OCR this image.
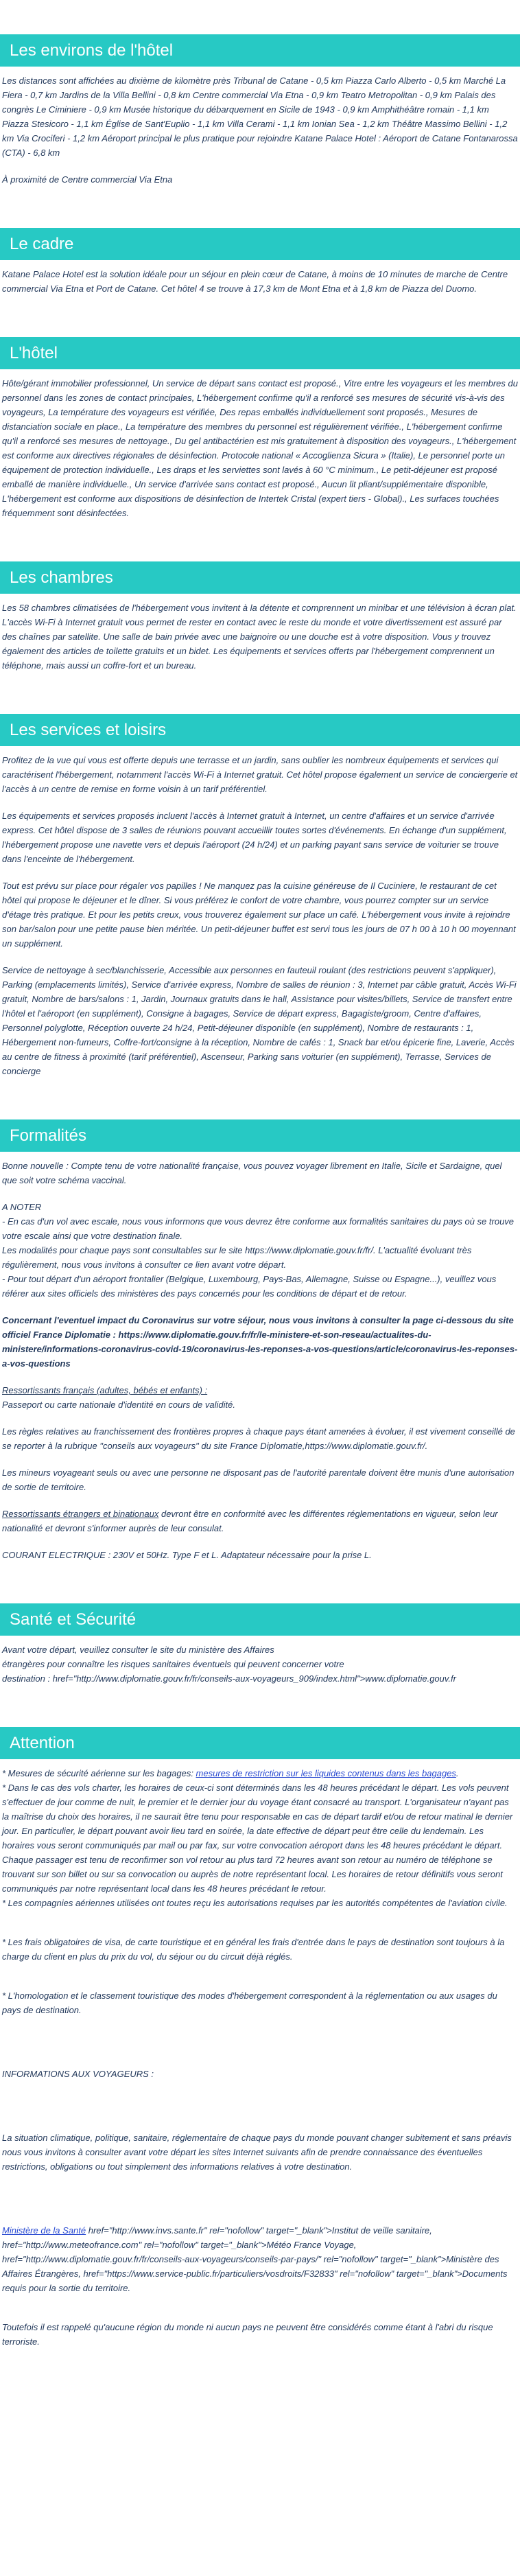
Les environs de l'hôtel
Les distances sont affichées au dixième de kilomètre près Tribunal de Catane - 0,5 km Piazza Carlo Alberto - 0,5 km Marché La Fiera - 0,7 km Jardins de la Villa Bellini - 0,8 km Centre commercial Via Etna - 0,9 km Teatro Metropolitan - 0,9 km Palais des congrès Le Ciminiere - 0,9 km Musée historique du débarquement en Sicile de 1943 - 0,9 km Amphithéâtre romain - 1,1 km Piazza Stesicoro - 1,1 km Église de Sant'Euplio - 1,1 km Villa Cerami - 1,1 km Ionian Sea - 1,2 km Théâtre Massimo Bellini - 1,2 km Via Crociferi - 1,2 km Aéroport principal le plus pratique pour rejoindre Katane Palace Hotel : Aéroport de Catane Fontanarossa (CTA) - 6,8 km
À proximité de Centre commercial Via Etna
Le cadre
Katane Palace Hotel est la solution idéale pour un séjour en plein cœur de Catane, à moins de 10 minutes de marche de Centre commercial Via Etna et Port de Catane. Cet hôtel 4 se trouve à 17,3 km de Mont Etna et à 1,8 km de Piazza del Duomo.
L'hôtel
Hôte/gérant immobilier professionnel, Un service de départ sans contact est proposé., Vitre entre les voyageurs et les membres du personnel dans les zones de contact principales, L'hébergement confirme qu'il a renforcé ses mesures de sécurité vis-à-vis des voyageurs, La température des voyageurs est vérifiée, Des repas emballés individuellement sont proposés., Mesures de distanciation sociale en place., La température des membres du personnel est régulièrement vérifiée., L'hébergement confirme qu'il a renforcé ses mesures de nettoyage., Du gel antibactérien est mis gratuitement à disposition des voyageurs., L'hébergement est conforme aux directives régionales de désinfection. Protocole national « Accoglienza Sicura » (Italie), Le personnel porte un équipement de protection individuelle., Les draps et les serviettes sont lavés à 60 °C minimum., Le petit-déjeuner est proposé emballé de manière individuelle., Un service d'arrivée sans contact est proposé., Aucun lit pliant/supplémentaire disponible, L'hébergement est conforme aux dispositions de désinfection de Intertek Cristal (expert tiers - Global)., Les surfaces touchées fréquemment sont désinfectées.
Les chambres
Les 58 chambres climatisées de l'hébergement vous invitent à la détente et comprennent un minibar et une télévision à écran plat. L'accès Wi-Fi à Internet gratuit vous permet de rester en contact avec le reste du monde et votre divertissement est assuré par des chaînes par satellite. Une salle de bain privée avec une baignoire ou une douche est à votre disposition. Vous y trouvez également des articles de toilette gratuits et un bidet. Les équipements et services offerts par l'hébergement comprennent un téléphone, mais aussi un coffre-fort et un bureau.
Les services et loisirs
Profitez de la vue qui vous est offerte depuis une terrasse et un jardin, sans oublier les nombreux équipements et services qui caractérisent l'hébergement, notamment l'accès Wi-Fi à Internet gratuit. Cet hôtel propose également un service de conciergerie et l'accès à un centre de remise en forme voisin à un tarif préférentiel.
Les équipements et services proposés incluent l'accès à Internet gratuit à Internet, un centre d'affaires et un service d'arrivée express. Cet hôtel dispose de 3 salles de réunions pouvant accueillir toutes sortes d'événements. En échange d'un supplément, l'hébergement propose une navette vers et depuis l'aéroport (24 h/24) et un parking payant sans service de voiturier se trouve dans l'enceinte de l'hébergement.
Tout est prévu sur place pour régaler vos papilles ! Ne manquez pas la cuisine généreuse de Il Cuciniere, le restaurant de cet hôtel qui propose le déjeuner et le dîner. Si vous préférez le confort de votre chambre, vous pourrez compter sur un service d'étage très pratique. Et pour les petits creux, vous trouverez également sur place un café. L'hébergement vous invite à rejoindre son bar/salon pour une petite pause bien méritée. Un petit-déjeuner buffet est servi tous les jours de 07 h 00 à 10 h 00 moyennant un supplément.
Service de nettoyage à sec/blanchisserie, Accessible aux personnes en fauteuil roulant (des restrictions peuvent s'appliquer), Parking (emplacements limités), Service d'arrivée express, Nombre de salles de réunion : 3, Internet par câble gratuit, Accès Wi-Fi gratuit, Nombre de bars/salons : 1, Jardin, Journaux gratuits dans le hall, Assistance pour visites/billets, Service de transfert entre l'hôtel et l'aéroport (en supplément), Consigne à bagages, Service de départ express, Bagagiste/groom, Centre d'affaires, Personnel polyglotte, Réception ouverte 24 h/24, Petit-déjeuner disponible (en supplément), Nombre de restaurants : 1, Hébergement non-fumeurs, Coffre-fort/consigne à la réception, Nombre de cafés : 1, Snack bar et/ou épicerie fine, Laverie, Accès au centre de fitness à proximité (tarif préférentiel), Ascenseur, Parking sans voiturier (en supplément), Terrasse, Services de concierge
Formalités
Bonne nouvelle : Compte tenu de votre nationalité française, vous pouvez voyager librement en Italie, Sicile et Sardaigne, quel que soit votre schéma vaccinal.
A NOTER
- En cas d'un vol avec escale, nous vous informons que vous devrez être conforme aux formalités sanitaires du pays où se trouve votre escale ainsi que votre destination finale.
Les modalités pour chaque pays sont consultables sur le site https://www.diplomatie.gouv.fr/fr/. L'actualité évoluant très régulièrement, nous vous invitons à consulter ce lien avant votre départ.
- Pour tout départ d'un aéroport frontalier (Belgique, Luxembourg, Pays-Bas, Allemagne, Suisse ou Espagne...), veuillez vous référer aux sites officiels des ministères des pays concernés pour les conditions de départ et de retour.
Concernant l'eventuel impact du Coronavirus sur votre séjour, nous vous invitons à consulter la page ci-dessous du site officiel France Diplomatie : https://www.diplomatie.gouv.fr/fr/le-ministere-et-son-reseau/actualites-du-ministere/informations-coronavirus-covid-19/coronavirus-les-reponses-a-vos-questions/article/coronavirus-les-reponses-a-vos-questions
Ressortissants français (adultes, bébés et enfants) :
Passeport ou carte nationale d'identité en cours de validité.
Les règles relatives au franchissement des frontières propres à chaque pays étant amenées à évoluer, il est vivement conseillé de se reporter à la rubrique "conseils aux voyageurs" du site France Diplomatie,https://www.diplomatie.gouv.fr/.
Les mineurs voyageant seuls ou avec une personne ne disposant pas de l'autorité parentale doivent être munis d'une autorisation de sortie de territoire.
Ressortissants étrangers et binationaux devront être en conformité avec les différentes réglementations en vigueur, selon leur nationalité et devront s'informer auprès de leur consulat.
COURANT ELECTRIQUE : 230V et 50Hz. Type F et L. Adaptateur nécessaire pour la prise L.
Santé et Sécurité
Avant votre départ, veuillez consulter le site du ministère des Affaires
étrangères pour connaître les risques sanitaires éventuels qui peuvent concerner votre
destination : href="http://www.diplomatie.gouv.fr/fr/conseils-aux-voyageurs_909/index.html">www.diplomatie.gouv.fr
Attention
* Mesures de sécurité aérienne sur les bagages: mesures de restriction sur les liquides contenus dans les bagages.
* Dans le cas des vols charter, les horaires de ceux-ci sont déterminés dans les 48 heures précédant le départ. Les vols peuvent s'effectuer de jour comme de nuit, le premier et le dernier jour du voyage étant consacré au transport. L'organisateur n'ayant pas la maîtrise du choix des horaires, il ne saurait être tenu pour responsable en cas de départ tardif et/ou de retour matinal le dernier jour. En particulier, le départ pouvant avoir lieu tard en soirée, la date effective de départ peut être celle du lendemain. Les horaires vous seront communiqués par mail ou par fax, sur votre convocation aéroport dans les 48 heures précédant le départ. Chaque passager est tenu de reconfirmer son vol retour au plus tard 72 heures avant son retour au numéro de téléphone se trouvant sur son billet ou sur sa convocation ou auprès de notre représentant local. Les horaires de retour définitifs vous seront communiqués par notre représentant local dans les 48 heures précédant le retour.
* Les compagnies aériennes utilisées ont toutes reçu les autorisations requises par les autorités compétentes de l'aviation civile.
* Les frais obligatoires de visa, de carte touristique et en général les frais d'entrée dans le pays de destination sont toujours à la charge du client en plus du prix du vol, du séjour ou du circuit déjà réglés.
* L'homologation et le classement touristique des modes d'hébergement correspondent à la réglementation ou aux usages du pays de destination.
INFORMATIONS AUX VOYAGEURS :
La situation climatique, politique, sanitaire, réglementaire de chaque pays du monde pouvant changer subitement et sans préavis
nous vous invitons à consulter avant votre départ les sites Internet suivants afin de prendre connaissance des éventuelles restrictions, obligations ou tout simplement des informations relatives à votre destination.
Ministère de la Santé href="http://www.invs.sante.fr" rel="nofollow" target="_blank">Institut de veille sanitaire, href="http://www.meteofrance.com" rel="nofollow" target="_blank">Météo France Voyage, href="http://www.diplomatie.gouv.fr/fr/conseils-aux-voyageurs/conseils-par-pays/" rel="nofollow" target="_blank">Ministère des Affaires Étrangères, href="https://www.service-public.fr/particuliers/vosdroits/F32833" rel="nofollow" target="_blank">Documents requis pour la sortie du territoire.
Toutefois il est rappelé qu'aucune région du monde ni aucun pays ne peuvent être considérés comme étant à l'abri du risque terroriste.
